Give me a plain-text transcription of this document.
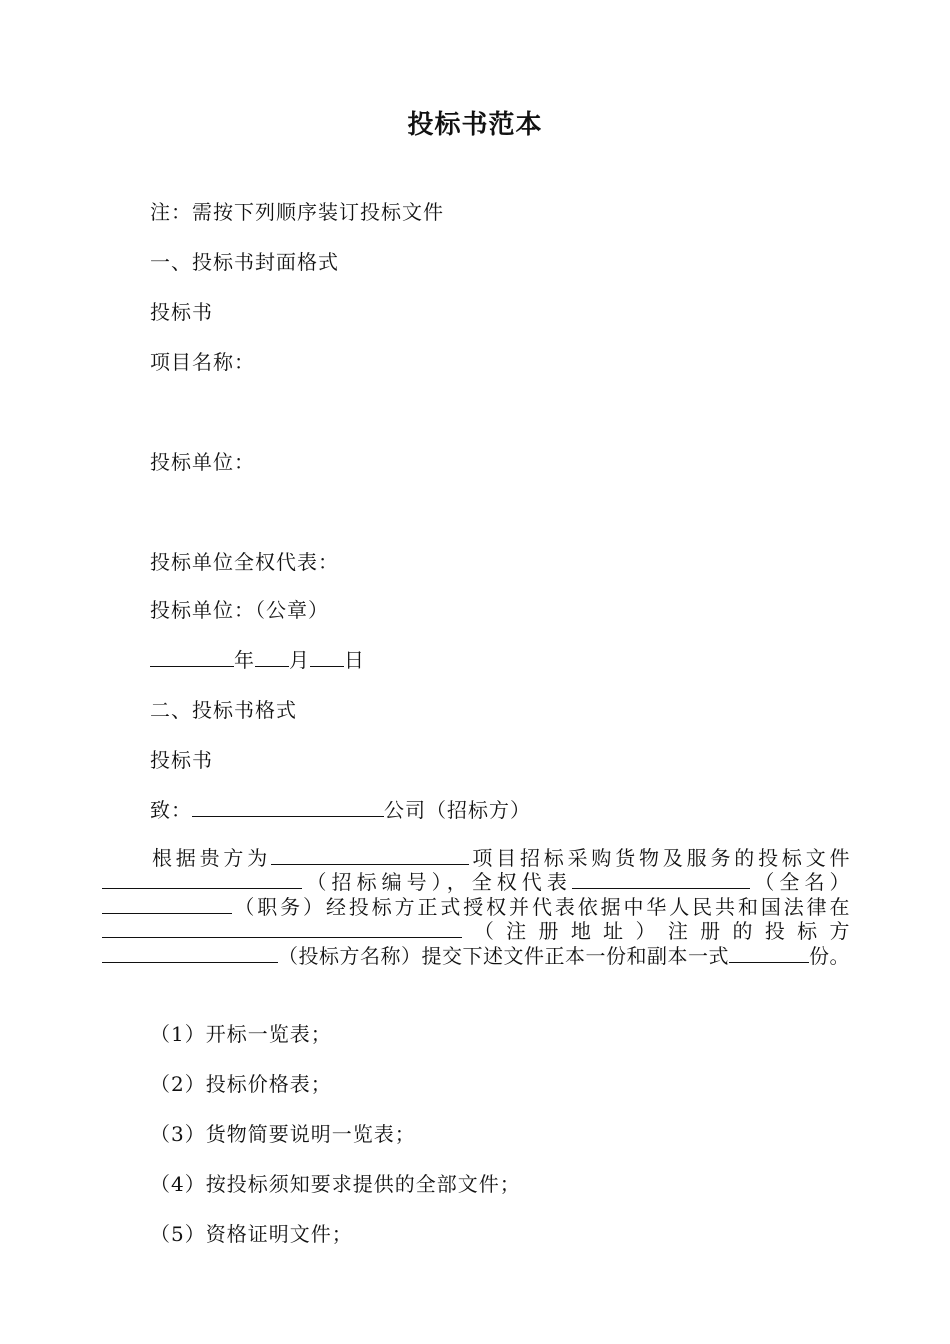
投标书范本
注：需按下列顺序装订投标文件
一、投标书封面格式
投标书
项目名称：
投标单位：
投标单位全权代表：
投标单位：（公章）
年 月 日
二、投标书格式
投标书
致：	公司（招标方）
根据贵方为	项目招标采购货物及服务的投标文件（招标编号），全权代表	（全名）（职务）经投标方正式授权并代表依据中华人民共和国法律在（注册地址）注册的投标方（投标方名称）提交下述文件正本一份和副本一式	份。
（1）开标一览表；
（2）投标价格表；
（3）货物简要说明一览表；
（4）按投标须知要求提供的全部文件；
（5）资格证明文件；
